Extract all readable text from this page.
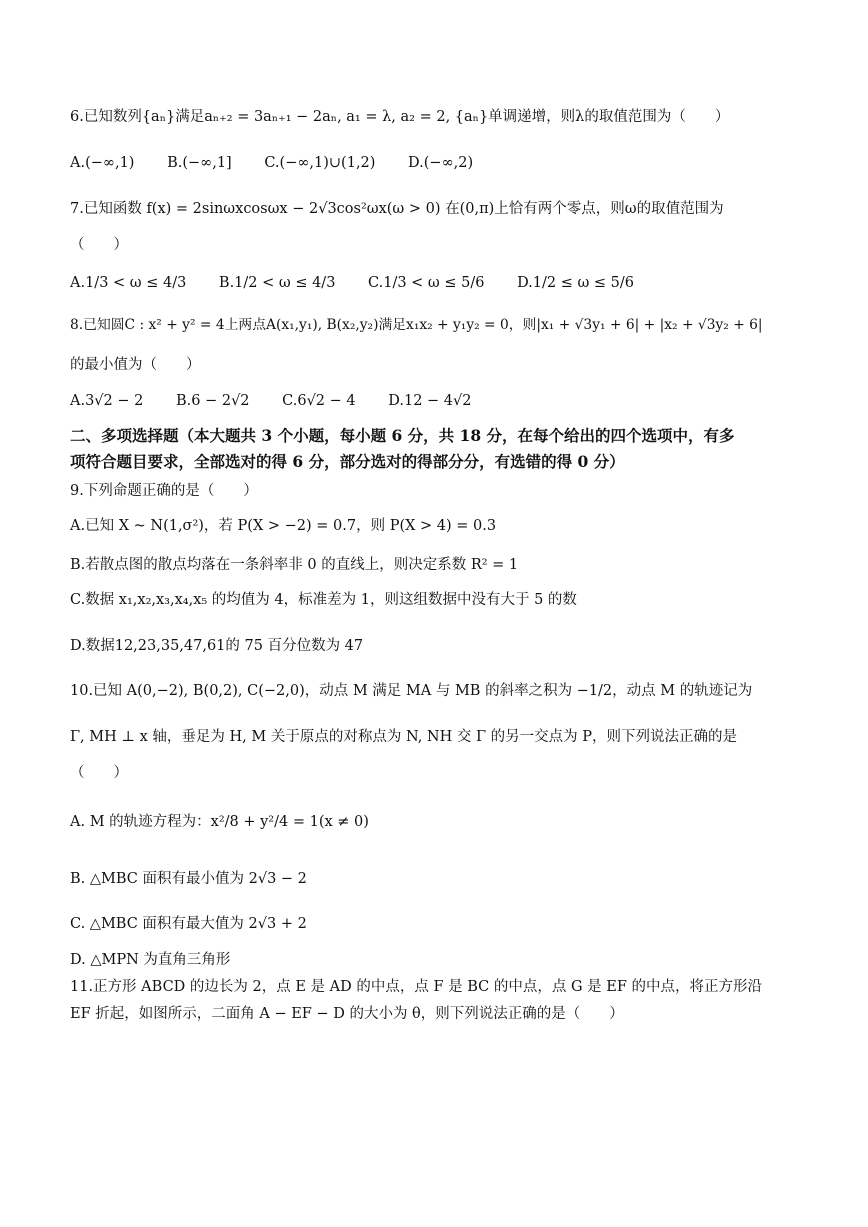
6.已知数列{aₙ}满足aₙ₊₂ = 3aₙ₊₁ − 2aₙ, a₁ = λ, a₂ = 2, {aₙ}单调递增，则λ的取值范围为（　　）
A.(−∞,1) B.(−∞,1] C.(−∞,1)∪(1,2) D.(−∞,2)
7.已知函数 f(x) = 2sinωxcosωx − 2√3cos²ωx(ω > 0) 在(0,π)上恰有两个零点，则ω的取值范围为
（　　）
A.1/3 < ω ≤ 4/3 B.1/2 < ω ≤ 4/3 C.1/3 < ω ≤ 5/6 D.1/2 ≤ ω ≤ 5/6
8.已知圆C : x² + y² = 4上两点A(x₁,y₁), B(x₂,y₂)满足x₁x₂ + y₁y₂ = 0，则|x₁ + √3y₁ + 6| + |x₂ + √3y₂ + 6|
的最小值为（　　）
A.3√2 − 2 B.6 − 2√2 C.6√2 − 4 D.12 − 4√2
二、多项选择题（本大题共 3 个小题，每小题 6 分，共 18 分，在每个给出的四个选项中，有多
项符合题目要求，全部选对的得 6 分，部分选对的得部分分，有选错的得 0 分）
9.下列命题正确的是（　　）
A.已知 X ~ N(1,σ²)，若 P(X > −2) = 0.7，则 P(X > 4) = 0.3
B.若散点图的散点均落在一条斜率非 0 的直线上，则决定系数 R² = 1
C.数据 x₁,x₂,x₃,x₄,x₅ 的均值为 4，标准差为 1，则这组数据中没有大于 5 的数
D.数据12,23,35,47,61的 75 百分位数为 47
10.已知 A(0,−2), B(0,2), C(−2,0)，动点 M 满足 MA 与 MB 的斜率之积为 −1/2，动点 M 的轨迹记为
Γ, MH ⊥ x 轴，垂足为 H, M 关于原点的对称点为 N, NH 交 Γ 的另一交点为 P，则下列说法正确的是
（　　）
A. M 的轨迹方程为：x²/8 + y²/4 = 1(x ≠ 0)
B. △MBC 面积有最小值为 2√3 − 2
C. △MBC 面积有最大值为 2√3 + 2
D. △MPN 为直角三角形
11.正方形 ABCD 的边长为 2，点 E 是 AD 的中点，点 F 是 BC 的中点，点 G 是 EF 的中点，将正方形沿
EF 折起，如图所示，二面角 A − EF − D 的大小为 θ，则下列说法正确的是（　　）
